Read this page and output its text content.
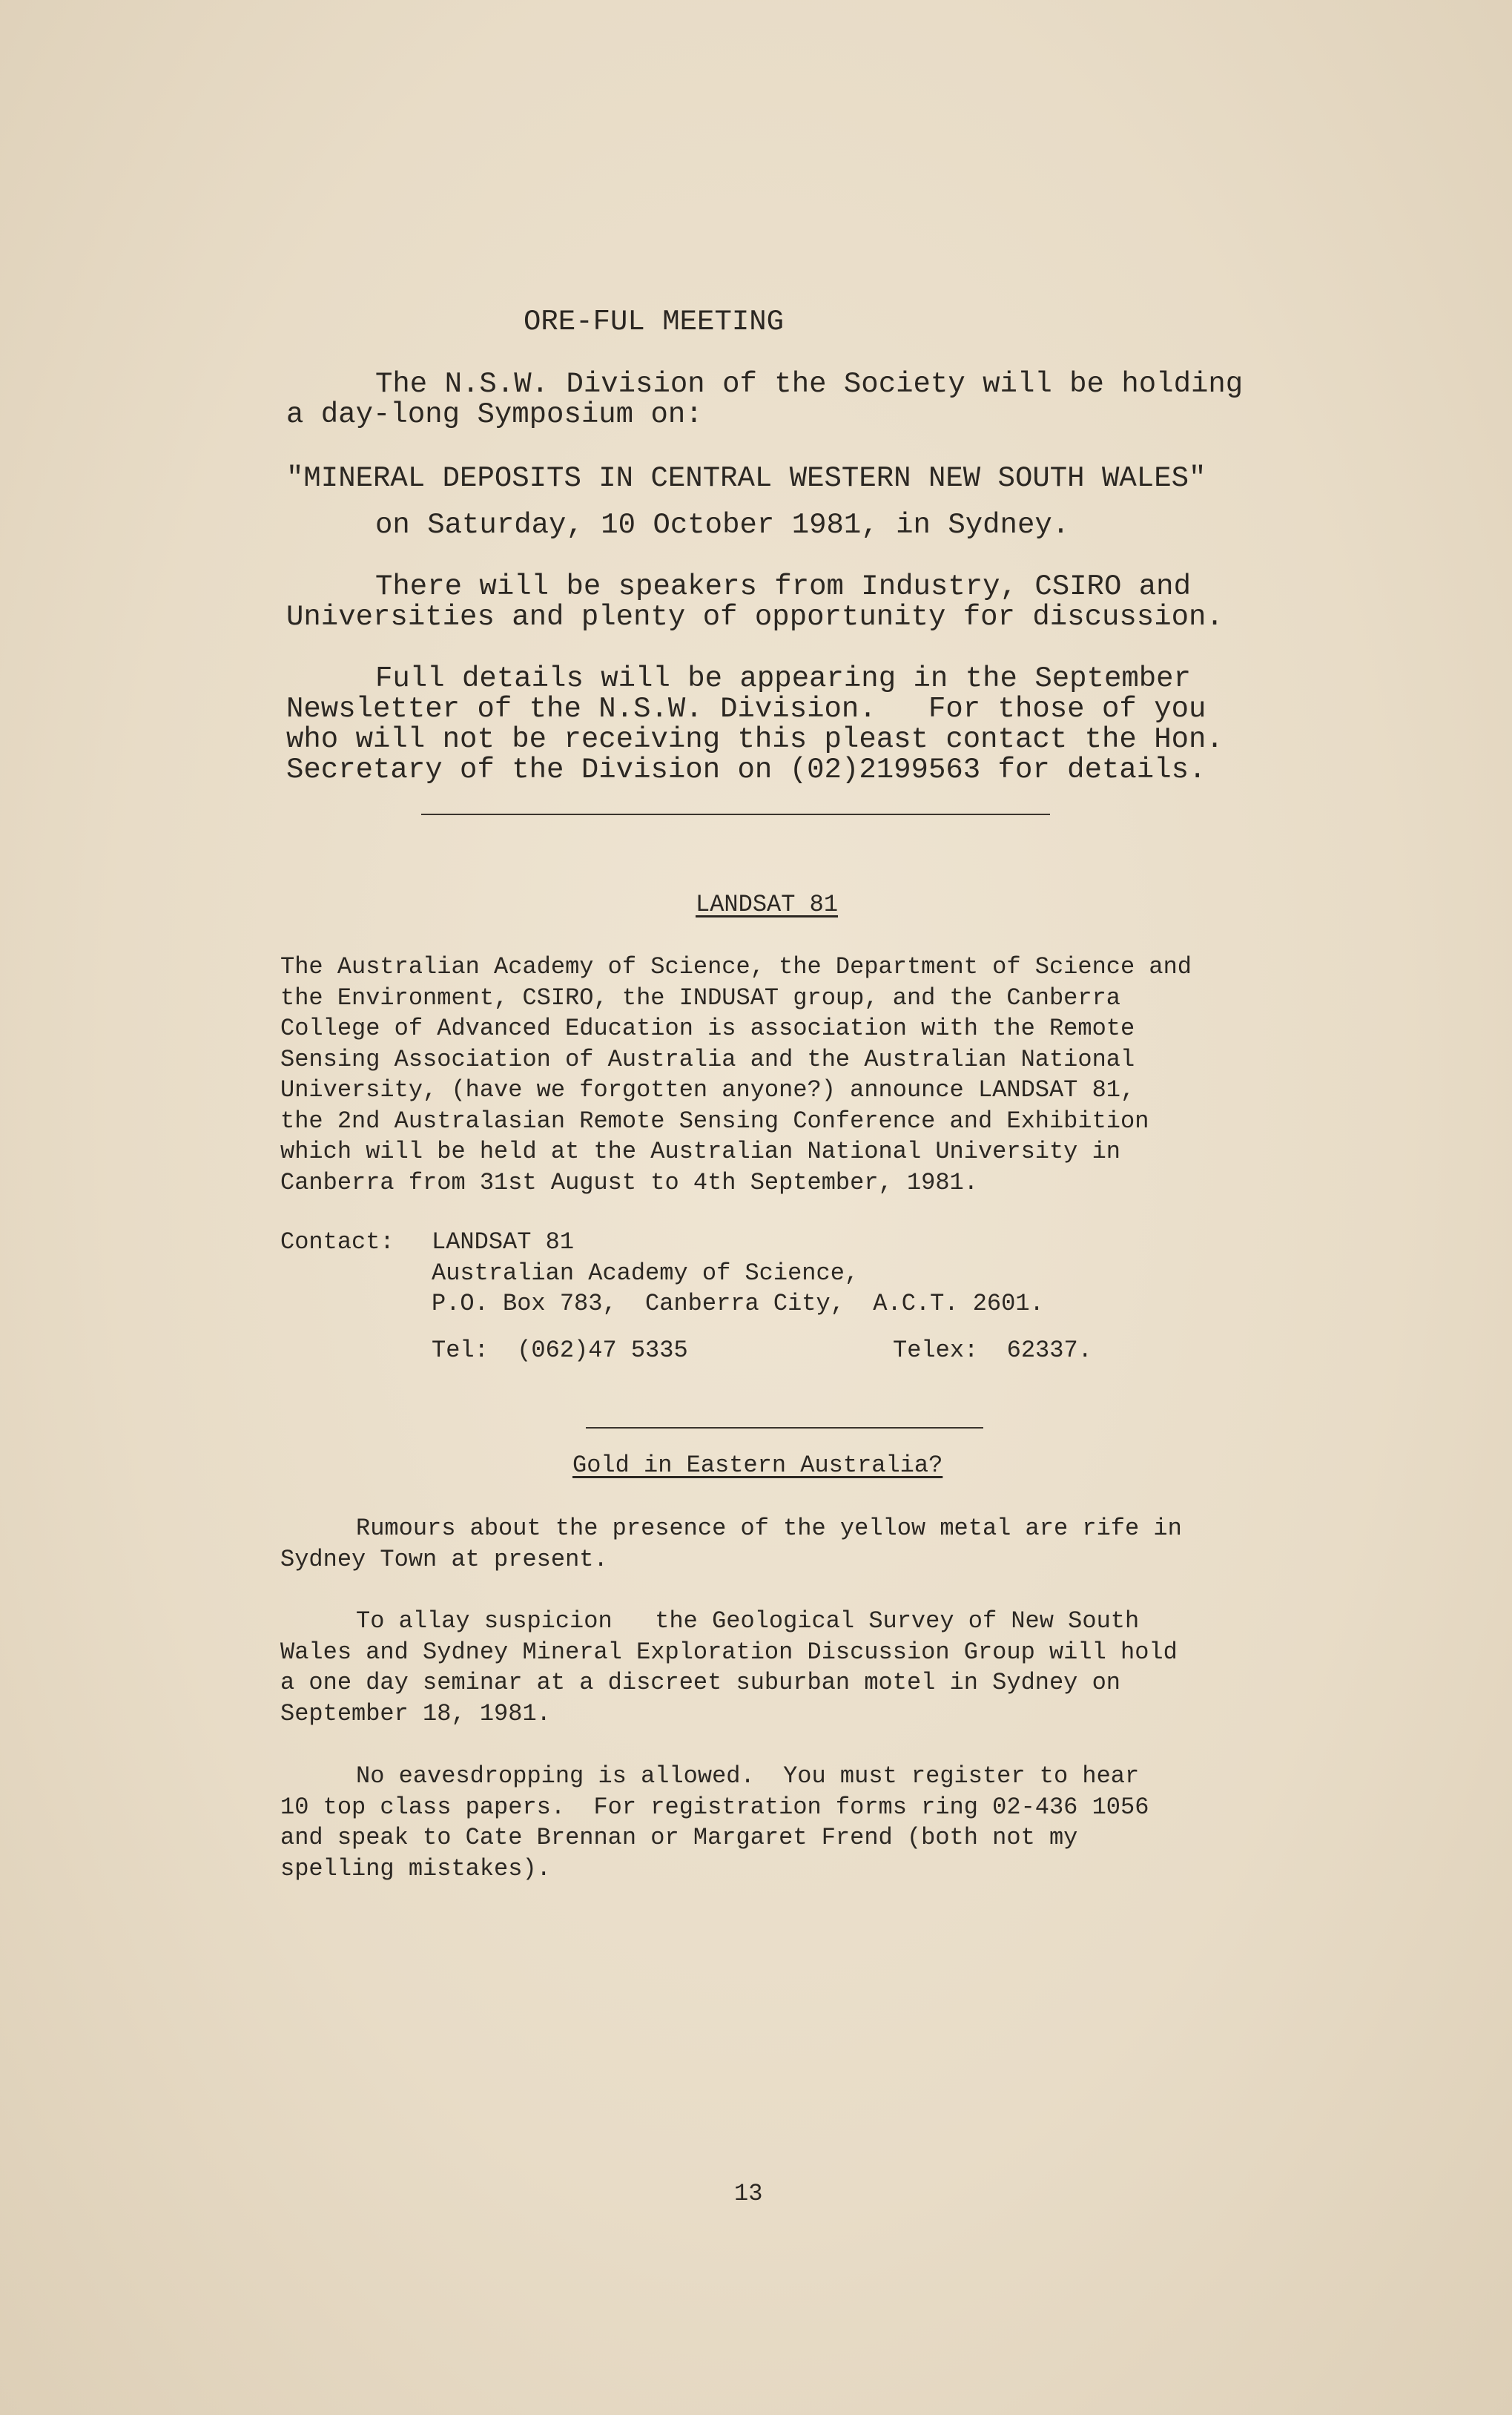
ORE-FUL MEETING
The N.S.W. Division of the Society will be holding
a day-long Symposium on:
"MINERAL DEPOSITS IN CENTRAL WESTERN NEW SOUTH WALES"
on Saturday, 10 October 1981, in Sydney.
There will be speakers from Industry, CSIRO and
Universities and plenty of opportunity for discussion.
Full details will be appearing in the September
Newsletter of the N.S.W. Division.   For those of you
who will not be receiving this pleast contact the Hon.
Secretary of the Division on (02)2199563 for details.
LANDSAT 81
The Australian Academy of Science, the Department of Science and
the Environment, CSIRO, the INDUSAT group, and the Canberra
College of Advanced Education is association with the Remote
Sensing Association of Australia and the Australian National
University, (have we forgotten anyone?) announce LANDSAT 81,
the 2nd Australasian Remote Sensing Conference and Exhibition
which will be held at the Australian National University in
Canberra from 31st August to 4th September, 1981.
Contact: LANDSAT 81
Australian Academy of Science,
P.O. Box 783,  Canberra City,  A.C.T. 2601.
Tel:  (062)47 5335	Telex:  62337.
Gold in Eastern Australia?
Rumours about the presence of the yellow metal are rife in
Sydney Town at present.
To allay suspicion   the Geological Survey of New South
Wales and Sydney Mineral Exploration Discussion Group will hold
a one day seminar at a discreet suburban motel in Sydney on
September 18, 1981.
No eavesdropping is allowed.  You must register to hear
10 top class papers.  For registration forms ring 02-436 1056
and speak to Cate Brennan or Margaret Frend (both not my
spelling mistakes).
13
